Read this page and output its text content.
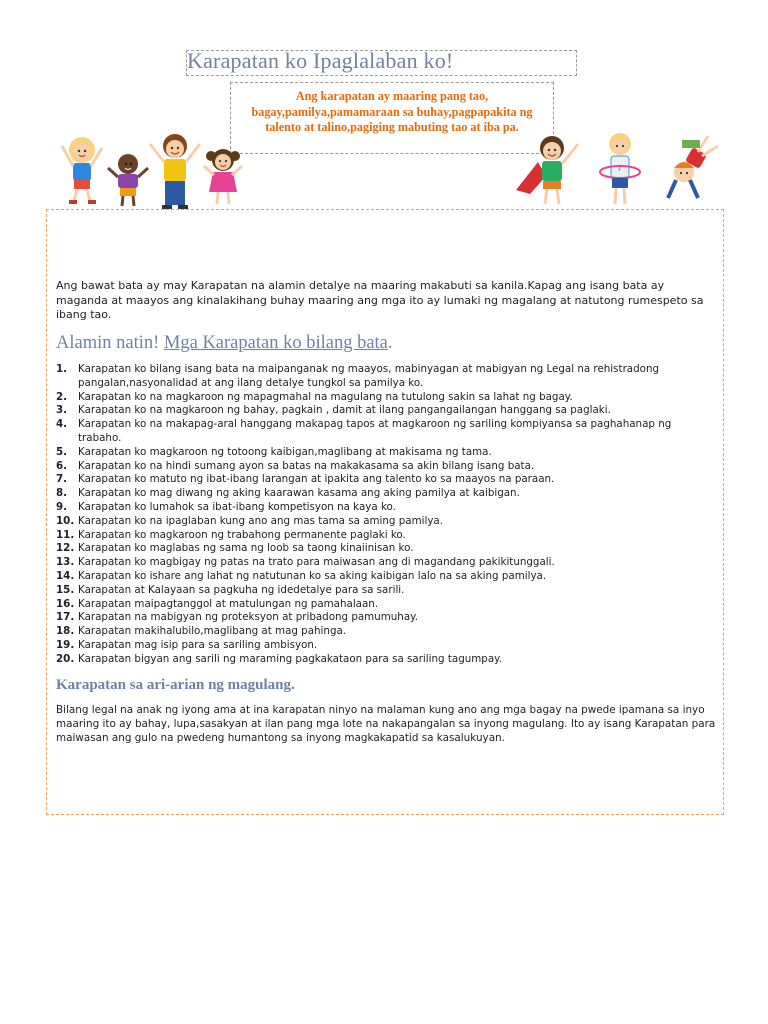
Karapatan ko Ipaglalaban ko!
Ang karapatan ay maaring pang tao, bagay,pamilya,pamamaraan sa buhay,pagpapakita ng talento at talino,pagiging mabuting tao at iba pa.
7
Ang bawat bata ay may Karapatan na alamin detalye na maaring makabuti sa kanila.Kapag ang isang bata ay maganda at maayos ang kinalakihang buhay maaring ang mga ito ay lumaki ng magalang at natutong rumespeto sa ibang tao.
Alamin natin! Mga Karapatan ko bilang bata.
1.	Karapatan ko bilang isang bata na maipanganak ng maayos, mabinyagan at mabigyan ng Legal na rehistradong pangalan,nasyonalidad at ang ilang detalye tungkol sa pamilya ko.
2.	Karapatan ko na magkaroon ng mapagmahal na magulang na tutulong sakin sa lahat ng bagay.
3.	Karapatan ko na magkaroon ng bahay, pagkain , damit at ilang pangangailangan hanggang sa paglaki.
4.	Karapatan ko na makapag-aral hanggang makapag tapos at magkaroon ng sariling kompiyansa sa paghahanap ng trabaho.
5.	Karapatan ko magkaroon ng totoong kaibigan,maglibang at makisama ng tama.
6.	Karapatan ko na hindi sumang ayon sa batas na makakasama sa akin bilang isang bata.
7.	Karapatan ko matuto ng ibat-ibang larangan at ipakita ang talento ko sa maayos na paraan.
8.	Karapatan ko mag diwang ng aking kaarawan kasama ang aking pamilya at kaibigan.
9.	Karapatan ko lumahok sa ibat-ibang kompetisyon na kaya ko.
10. Karapatan ko na ipaglaban kung ano ang mas tama sa aming pamilya.
11. Karapatan ko magkaroon ng trabahong permanente paglaki ko.
12. Karapatan ko maglabas ng sama ng loob sa taong kinaiinisan ko.
13. Karapatan ko magbigay ng patas na trato para maiwasan ang di magandang pakikitunggali.
14. Karapatan ko ishare ang lahat ng natutunan ko sa aking kaibigan lalo na sa aking pamilya.
15. Karapatan at Kalayaan sa pagkuha ng idedetalye para sa sarili.
16. Karapatan maipagtanggol at matulungan ng pamahalaan.
17. Karapatan na mabigyan ng proteksyon at pribadong pamumuhay.
18. Karapatan makihalubilo,maglibang at mag pahinga.
19. Karapatan mag isip para sa sariling ambisyon.
20. Karapatan bigyan ang sarili ng maraming pagkakataon para sa sariling tagumpay.
Karapatan sa ari-arian ng magulang.
Bilang legal na anak ng iyong ama at ina karapatan ninyo na malaman kung ano ang mga bagay na pwede ipamana sa inyo maaring ito ay bahay, lupa,sasakyan at ilan pang mga lote na nakapangalan sa inyong magulang. Ito ay isang Karapatan para maiwasan ang gulo na pwedeng humantong sa inyong magkakapatid sa kasalukuyan.
